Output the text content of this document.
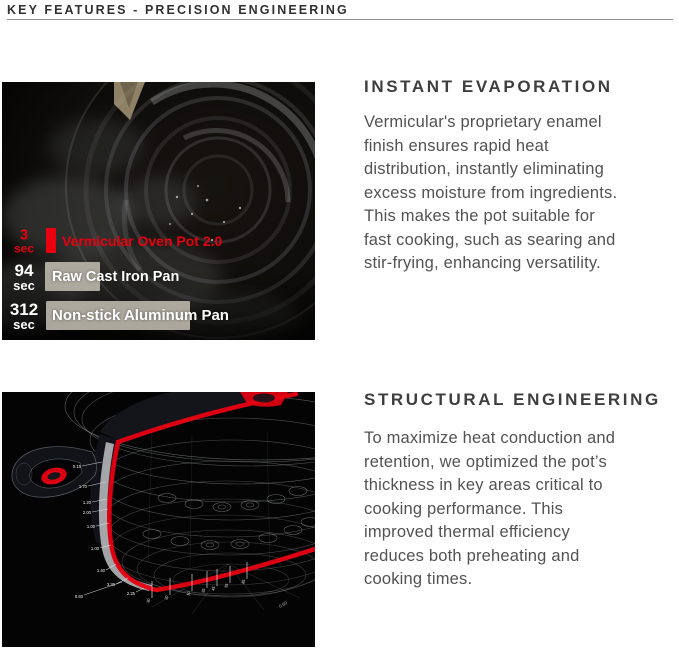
KEY FEATURES - PRECISION ENGINEERING
3
sec	Vermicular Oven Pot 2.0
94
sec
Raw Cast Iron Pan
312
sec	Non-stick Aluminum Pan
INSTANT EVAPORATION
Vermicular's proprietary enamel
finish ensures rapid heat
distribution, instantly eliminating
excess moisture from ingredients.
This makes the pot suitable for
fast cooking, such as searing and
stir-frying, enhancing versatility.
0.15
1.70
1.20
2.00
1.00
1.00
1.40
3.30
0.60
2.25
30
20
10
35 45
55
85
0.60
STRUCTURAL ENGINEERING
To maximize heat conduction and
retention, we optimized the pot’s
thickness in key areas critical to
cooking performance. This
improved thermal efficiency
reduces both preheating and
cooking times.
